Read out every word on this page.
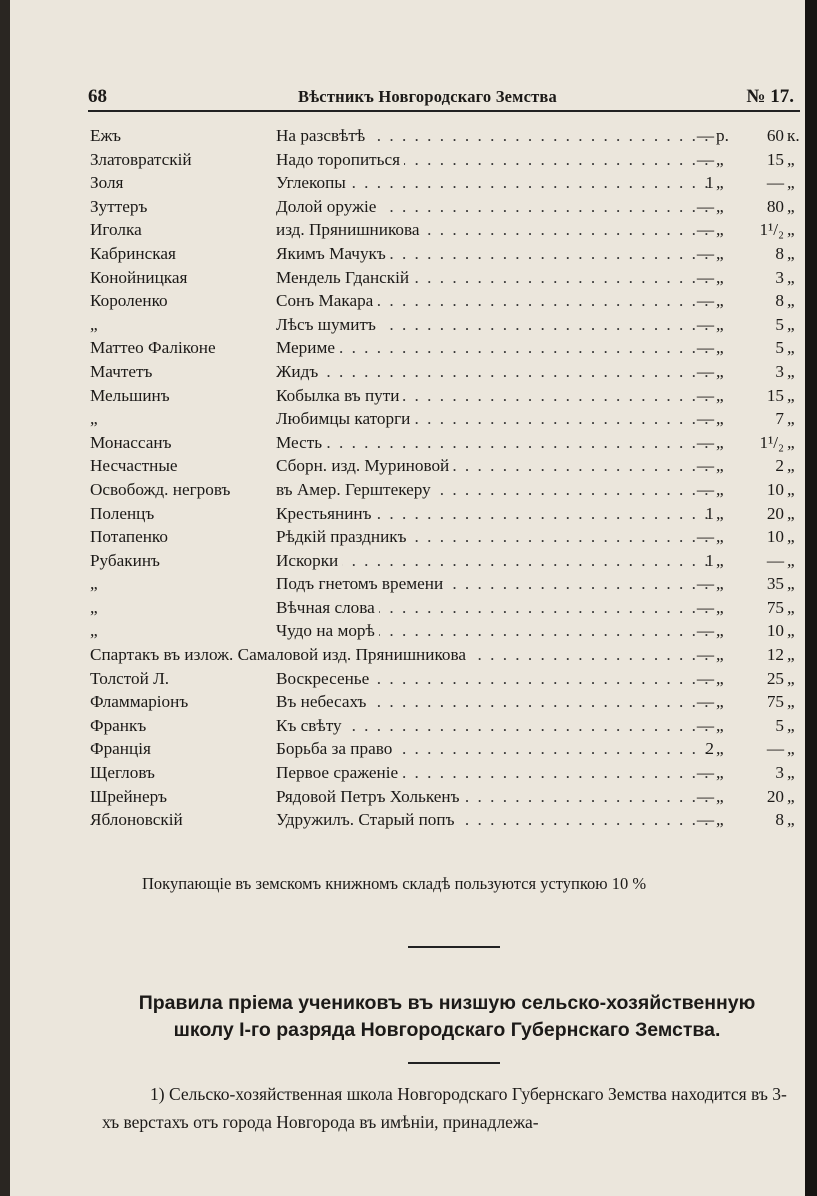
68	Вѣстникъ Новгородскаго Земства	№ 17.
Ежъ	На разсвѣтѣ . . .	— р.	60 к.
Златовратскій	Надо торопиться . . .	— „	15 „
Золя	Углекопы . . .	1 „	— „
Зуттеръ	Долой оружіе . . .	— „	80 „
Иголка	изд. Прянишникова . . .	— „	1¹/₂ „
Кабринская	Якимъ Мачукъ . . .	— „	8 „
Конойницкая	Мендель Гданскій . . .	— „	3 „
Короленко	Сонъ Макара . . .	— „	8 „
„	Лѣсъ шумитъ . . .	— „	5 „
Маттео Фаліконе	Мериме . . .	— „	5 „
Мачтетъ	Жидъ . . .	— „	3 „
Мельшинъ	Кобылка въ пути . . .	— „	15 „
„	Любимцы каторги . . .	— „	7 „
Монассанъ	Месть . . .	— „	1¹/₂ „
Несчастные	Сборн. изд. Муриновой . . .	— „	2 „
Освобожд. негровъ	въ Амер. Герштекеру . . .	— „	10 „
Поленцъ	Крестьянинъ . . .	1 „	20 „
Потапенко	Рѣдкій праздникъ . . .	— „	10 „
Рубакинъ	Искорки . . .	1 „	— „
„	Подъ гнетомъ времени . . .	— „	35 „
„	Вѣчная слова . . .	— „	75 „
„	Чудо на морѣ . . .	— „	10 „
Спартакъ въ излож. Самаловой изд. Прянишникова
. . .	— „	12 „
Толстой Л.	Воскресенье . . .	— „	25 „
Фламмаріонъ	Въ небесахъ . . .	— „	75 „
Франкъ	Къ свѣту . . .	— „	5 „
Франція	Борьба за право . . .	2 „	— „
Щегловъ	Первое сраженіе . . .	— „	3 „
Шрейнеръ	Рядовой Петръ Холькенъ . . .	— „	20 „
Яблоновскій	Удружилъ. Старый попъ . . .	— „	8 „
Покупающіе въ земскомъ книжномъ складѣ пользуются уступкою 10 %
Правила пріема учениковъ въ низшую сельско-хозяйственную
школу І-го разряда Новгородскаго Губернскаго Земства.
1) Сельско-хозяйственная школа Новгородскаго Губернскаго Земства находится въ 3-хъ верстахъ отъ города Новгорода въ имѣніи, принадлежа-
